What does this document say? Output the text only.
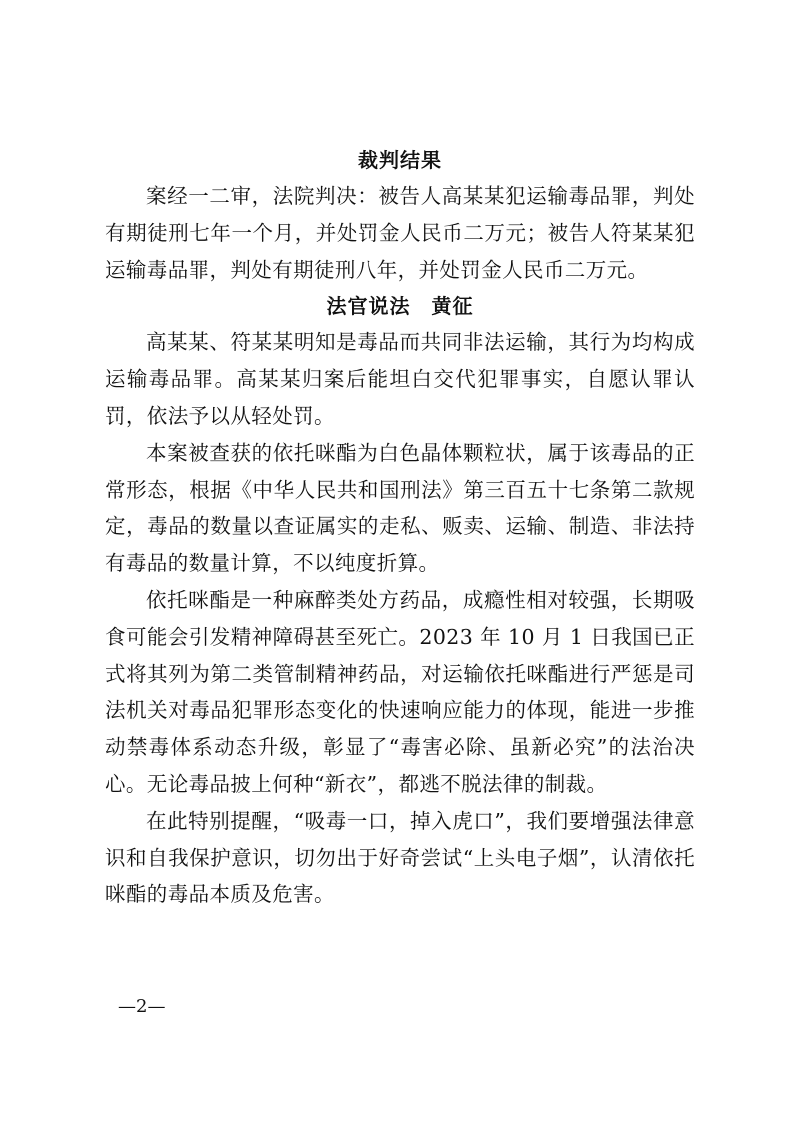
裁判结果

案经一二审，法院判决：被告人高某某犯运输毒品罪，判处有期徒刑七年一个月，并处罚金人民币二万元；被告人符某某犯运输毒品罪，判处有期徒刑八年，并处罚金人民币二万元。

法官说法　黄征

高某某、符某某明知是毒品而共同非法运输，其行为均构成运输毒品罪。高某某归案后能坦白交代犯罪事实，自愿认罪认罚，依法予以从轻处罚。

本案被查获的依托咪酯为白色晶体颗粒状，属于该毒品的正常形态，根据《中华人民共和国刑法》第三百五十七条第二款规定，毒品的数量以查证属实的走私、贩卖、运输、制造、非法持有毒品的数量计算，不以纯度折算。

依托咪酯是一种麻醉类处方药品，成瘾性相对较强，长期吸食可能会引发精神障碍甚至死亡。2023 年 10 月 1 日我国已正式将其列为第二类管制精神药品，对运输依托咪酯进行严惩是司法机关对毒品犯罪形态变化的快速响应能力的体现，能进一步推动禁毒体系动态升级，彰显了“毒害必除、虽新必究”的法治决心。无论毒品披上何种“新衣”，都逃不脱法律的制裁。

在此特别提醒，“吸毒一口，掉入虎口”，我们要增强法律意识和自我保护意识，切勿出于好奇尝试“上头电子烟”，认清依托咪酯的毒品本质及危害。

—2—
